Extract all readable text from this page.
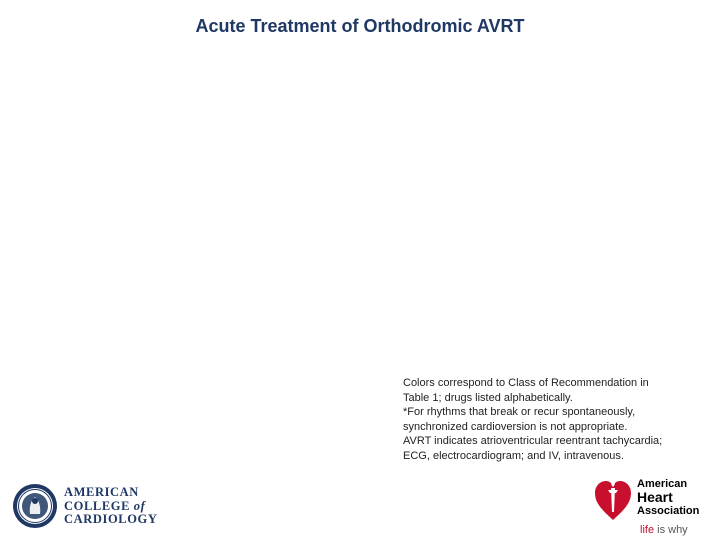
Acute Treatment of Orthodromic AVRT
Colors correspond to Class of Recommendation in
Table 1; drugs listed alphabetically.
*For rhythms that break or recur spontaneously,
synchronized cardioversion is not appropriate.
AVRT indicates atrioventricular reentrant tachycardia;
ECG, electrocardiogram; and IV, intravenous.
AMERICAN
COLLEGE of
CARDIOLOGY
American
Heart
Association
life is why
